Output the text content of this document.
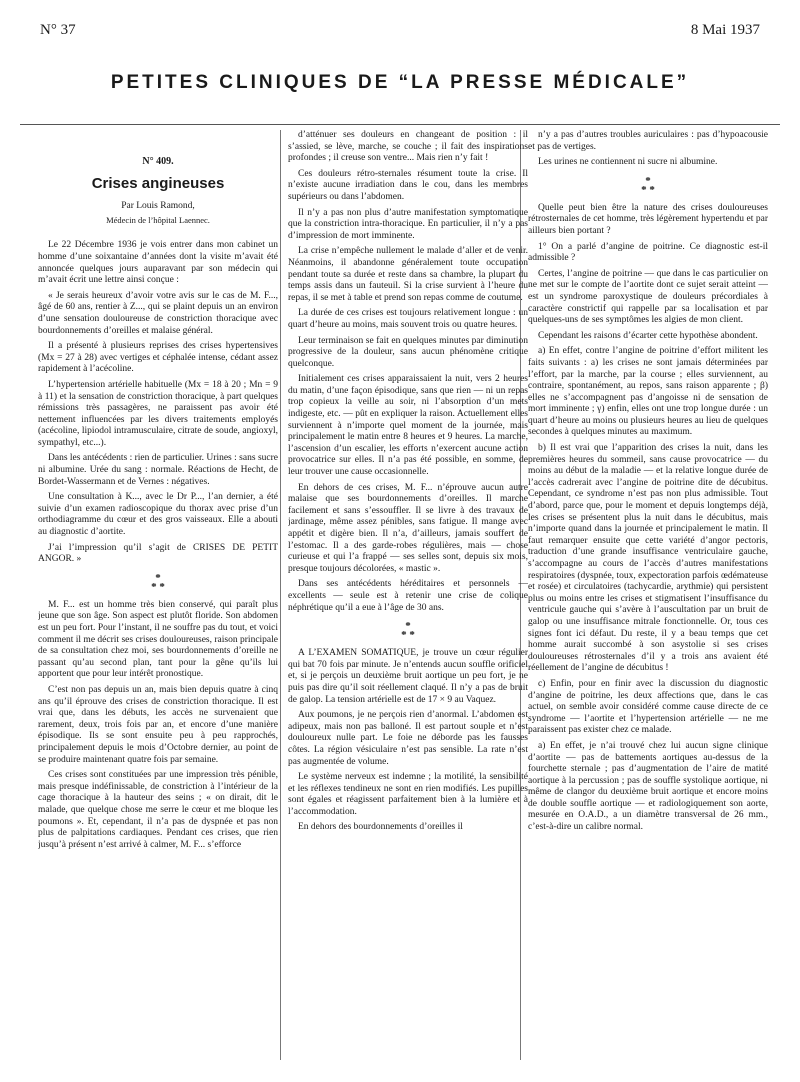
N° 37	8 Mai 1937
PETITES CLINIQUES DE “LA PRESSE MÉDICALE”
N° 409.
Crises angineuses
Par Louis Ramond,
Médecin de l’hôpital Laennec.

Le 22 Décembre 1936 je vois entrer dans mon cabinet un homme d’une soixantaine d’années dont la visite m’avait été annoncée quelques jours auparavant par son médecin qui m’avait écrit une lettre ainsi conçue :

« Je serais heureux d’avoir votre avis sur le cas de M. F..., âgé de 60 ans, rentier à Z..., qui se plaint depuis un an environ d’une sensation douloureuse de constriction thoracique avec bourdonnements d’oreilles et malaise général.

Il a présenté à plusieurs reprises des crises hypertensives (Mx = 27 à 28) avec vertiges et céphalée intense, cédant assez rapidement à l’acécoline.

L’hypertension artérielle habituelle (Mx = 18 à 20 ; Mn = 9 à 11) et la sensation de constriction thoracique, à part quelques rémissions très passagères, ne paraissent pas avoir été nettement influencées par les divers traitements employés (acécoline, lipiodol intramusculaire, citrate de soude, angioxyl, sympathyl, etc...).

Dans les antécédents : rien de particulier. Urines : sans sucre ni albumine. Urée du sang : normale. Réactions de Hecht, de Bordet-Wassermann et de Vernes : négatives.

Une consultation à K..., avec le Dr P..., l’an dernier, a été suivie d’un examen radioscopique du thorax avec prise d’un orthodiagramme du cœur et des gros vaisseaux. Elle a abouti au diagnostic d’aortite.

J’ai l’impression qu’il s’agit de CRISES DE PETIT ANGOR. »

*
* *

M. F... est un homme très bien conservé, qui paraît plus jeune que son âge. Son aspect est plutôt floride. Son abdomen est un peu fort. Pour l’instant, il ne souffre pas du tout, et voici comment il me décrit ses crises douloureuses, raison principale de sa consultation chez moi, ses bourdonnements d’oreille ne passant qu’au second plan, tant pour la gêne qu’ils lui apportent que pour leur intérêt pronostique.

C’est non pas depuis un an, mais bien depuis quatre à cinq ans qu’il éprouve des crises de constriction thoracique. Il est vrai que, dans les débuts, les accès ne survenaient que rarement, deux, trois fois par an, et encore d’une manière épisodique. Ils se sont ensuite peu à peu rapprochés, principalement depuis le mois d’Octobre dernier, au point de se produire maintenant quatre fois par semaine.

Ces crises sont constituées par une impression très pénible, mais presque indéfinissable, de constriction à l’intérieur de la cage thoracique à la hauteur des seins ; « on dirait, dit le malade, que quelque chose me serre le cœur et me bloque les poumons ». Et, cependant, il n’a pas de dyspnée et pas non plus de palpitations cardiaques. Pendant ces crises, que rien jusqu’à présent n’est arrivé à calmer, M. F... s’efforce

d’atténuer ses douleurs en changeant de position : il s’assied, se lève, marche, se couche ; il fait des inspirations profondes ; il creuse son ventre... Mais rien n’y fait !

Ces douleurs rétro-sternales résument toute la crise. Il n’existe aucune irradiation dans le cou, dans les membres supérieurs ou dans l’abdomen.

Il n’y a pas non plus d’autre manifestation symptomatique que la constriction intra-thoracique. En particulier, il n’y a pas d’impression de mort imminente.

La crise n’empêche nullement le malade d’aller et de venir. Néanmoins, il abandonne généralement toute occupation pendant toute sa durée et reste dans sa chambre, la plupart du temps assis dans un fauteuil. Si la crise survient à l’heure du repas, il se met à table et prend son repas comme de coutume.

La durée de ces crises est toujours relativement longue : un quart d’heure au moins, mais souvent trois ou quatre heures.

Leur terminaison se fait en quelques minutes par diminution progressive de la douleur, sans aucun phénomène critique quelconque.

Initialement ces crises apparaissaient la nuit, vers 2 heures du matin, d’une façon épisodique, sans que rien — ni un repas trop copieux la veille au soir, ni l’absorption d’un mets indigeste, etc. — pût en expliquer la raison. Actuellement elles surviennent à n’importe quel moment de la journée, mais principalement le matin entre 8 heures et 9 heures. La marche, l’ascension d’un escalier, les efforts n’exercent aucune action provocatrice sur elles. Il n’a pas été possible, en somme, de leur trouver une cause occasionnelle.

En dehors de ces crises, M. F... n’éprouve aucun autre malaise que ses bourdonnements d’oreilles. Il marche facilement et sans s’essouffler. Il se livre à des travaux de jardinage, même assez pénibles, sans fatigue. Il mange avec appétit et digère bien. Il n’a, d’ailleurs, jamais souffert de l’estomac. Il a des garde-robes régulières, mais — chose curieuse et qui l’a frappé — ses selles sont, depuis six mois, presque toujours décolorées, « mastic ».

Dans ses antécédents héréditaires et personnels — excellents — seule est à retenir une crise de colique néphrétique qu’il a eue à l’âge de 30 ans.

*
* *

A L’EXAMEN SOMATIQUE, je trouve un cœur régulier qui bat 70 fois par minute. Je n’entends aucun souffle orificiel et, si je perçois un deuxième bruit aortique un peu fort, je ne puis pas dire qu’il soit réellement claqué. Il n’y a pas de bruit de galop. La tension artérielle est de 17 × 9 au Vaquez.

Aux poumons, je ne perçois rien d’anormal. L’abdomen est adipeux, mais non pas balloné. Il est partout souple et n’est douloureux nulle part. Le foie ne déborde pas les fausses côtes. La région vésiculaire n’est pas sensible. La rate n’est pas augmentée de volume.

Le système nerveux est indemne ; la motilité, la sensibilité et les réflexes tendineux ne sont en rien modifiés. Les pupilles sont égales et réagissent parfaitement bien à la lumière et à l’accommodation.

En dehors des bourdonnements d’oreilles il

n’y a pas d’autres troubles auriculaires : pas d’hypoacousie et pas de vertiges.

Les urines ne contiennent ni sucre ni albumine.

*
* *

Quelle peut bien être la nature des crises douloureuses rétrosternales de cet homme, très légèrement hypertendu et par ailleurs bien portant ?

1° On a parlé d’angine de poitrine. Ce diagnostic est-il admissible ?

Certes, l’angine de poitrine — que dans le cas particulier on ne met sur le compte de l’aortite dont ce sujet serait atteint — est un syndrome paroxystique de douleurs précordiales à caractère constrictif qui rappelle par sa localisation et par quelques-uns de ses symptômes les algies de mon client.

Cependant les raisons d’écarter cette hypothèse abondent.

a) En effet, contre l’angine de poitrine d’effort militent les faits suivants : a) les crises ne sont jamais déterminées par l’effort, par la marche, par la course ; elles surviennent, au contraire, spontanément, au repos, sans raison apparente ; β) elles ne s’accompagnent pas d’angoisse ni de sensation de mort imminente ; γ) enfin, elles ont une trop longue durée : un quart d’heure au moins ou plusieurs heures au lieu de quelques secondes à quelques minutes au maximum.

b) Il est vrai que l’apparition des crises la nuit, dans les premières heures du sommeil, sans cause provocatrice — du moins au début de la maladie — et la relative longue durée de l’accès cadrerait avec l’angine de poitrine dite de décubitus. Cependant, ce syndrome n’est pas non plus admissible. Tout d’abord, parce que, pour le moment et depuis longtemps déjà, les crises se présentent plus la nuit dans le décubitus, mais n’importe quand dans la journée et principalement le matin. Il faut remarquer ensuite que cette variété d’angor pectoris, traduction d’une grande insuffisance ventriculaire gauche, s’accompagne au cours de l’accès d’autres manifestations respiratoires (dyspnée, toux, expectoration parfois œdémateuse et rosée) et circulatoires (tachycardie, arythmie) qui persistent plus ou moins entre les crises et stigmatisent l’insuffisance du ventricule gauche qui s’avère à l’auscultation par un bruit de galop ou une insuffisance mitrale fonctionnelle. Or, tous ces signes font ici défaut. Du reste, il y a beau temps que cet homme aurait succombé à son asystolie si ses crises douloureuses rétrosternales d’il y a trois ans avaient été réellement de l’angine de décubitus !

c) Enfin, pour en finir avec la discussion du diagnostic d’angine de poitrine, les deux affections que, dans le cas actuel, on semble avoir considéré comme cause directe de ce syndrome — l’aortite et l’hypertension artérielle — ne me paraissent pas exister chez ce malade.

a) En effet, je n’ai trouvé chez lui aucun signe clinique d’aortite — pas de battements aortiques au-dessus de la fourchette sternale ; pas d’augmentation de l’aire de matité aortique à la percussion ; pas de souffle systolique aortique, ni même de clangor du deuxième bruit aortique et encore moins de double souffle aortique — et radiologiquement son aorte, mesurée en O.A.D., a un diamètre transversal de 26 mm., c’est-à-dire un calibre normal.
